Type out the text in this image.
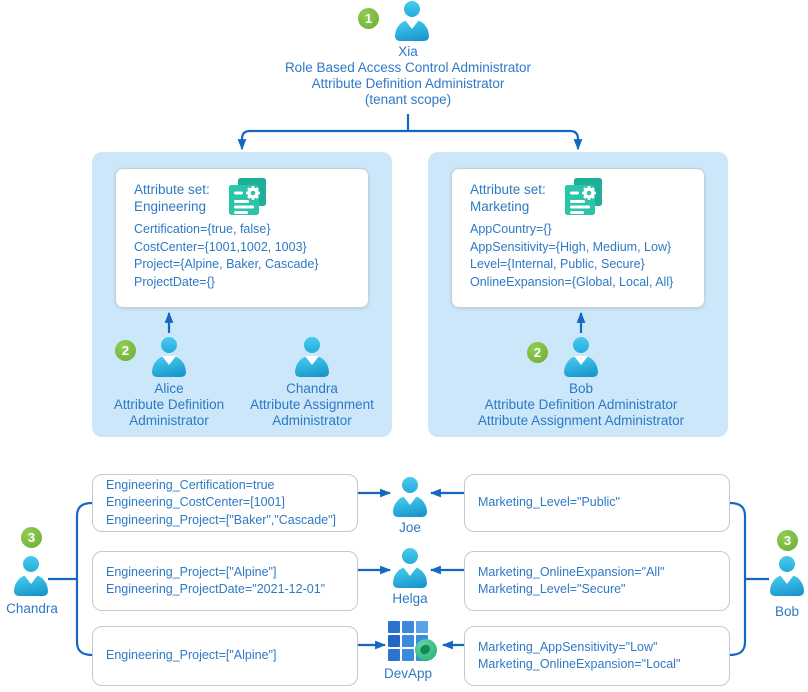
1
Xia
Role Based Access Control Administrator
Attribute Definition Administrator
(tenant scope)
Attribute set:
Engineering
Certification={true, false}
CostCenter={1001,1002, 1003}
Project={Alpine, Baker, Cascade}
ProjectDate={}
2
Alice
Attribute Definition
Administrator
Chandra
Attribute Assignment
Administrator
Attribute set:
Marketing
AppCountry={}
AppSensitivity={High, Medium, Low}
Level={Internal, Public, Secure}
OnlineExpansion={Global, Local, All}
2
Bob
Attribute Definition Administrator
Attribute Assignment Administrator
3
Chandra
3
Bob
Engineering_Certification=true
Engineering_CostCenter=[1001]
Engineering_Project=["Baker","Cascade"]
Engineering_Project=["Alpine"]
Engineering_ProjectDate="2021-12-01"
Engineering_Project=["Alpine"]
Marketing_Level="Public"
Marketing_OnlineExpansion="All"
Marketing_Level="Secure"
Marketing_AppSensitivity="Low"
Marketing_OnlineExpansion="Local"
Joe
Helga
DevApp
